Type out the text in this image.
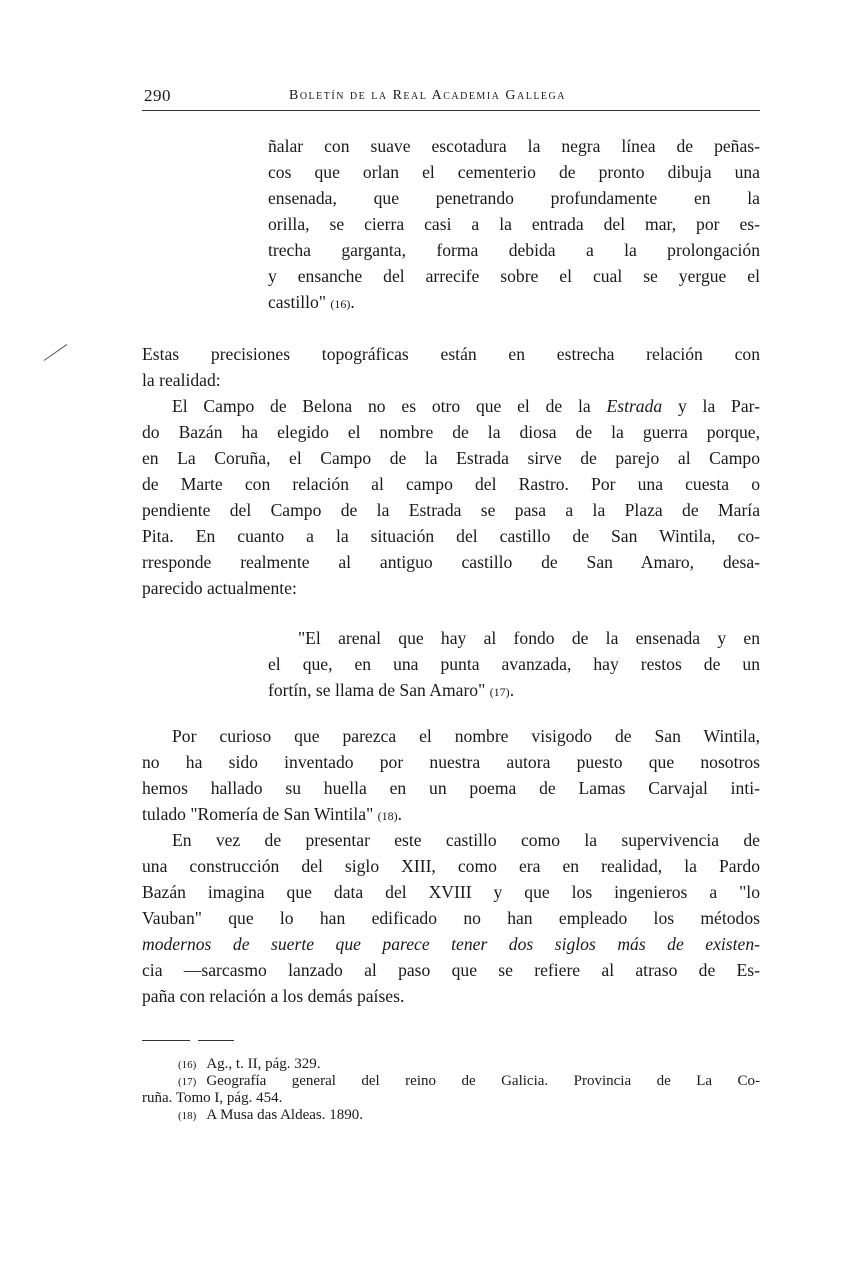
290	Boletín de la Real Academia Gallega
ñalar con suave escotadura la negra línea de peñas-
cos que orlan el cementerio de pronto dibuja una
ensenada, que penetrando profundamente en la
orilla, se cierra casi a la entrada del mar, por es-
trecha garganta, forma debida a la prolongación
y ensanche del arrecife sobre el cual se yergue el
castillo" (16).
Estas precisiones topográficas están en estrecha relación con
la realidad:
El Campo de Belona no es otro que el de la Estrada y la Par-
do Bazán ha elegido el nombre de la diosa de la guerra porque,
en La Coruña, el Campo de la Estrada sirve de parejo al Campo
de Marte con relación al campo del Rastro. Por una cuesta o
pendiente del Campo de la Estrada se pasa a la Plaza de María
Pita. En cuanto a la situación del castillo de San Wintila, co-
rresponde realmente al antiguo castillo de San Amaro, desa-
parecido actualmente:
"El arenal que hay al fondo de la ensenada y en
el que, en una punta avanzada, hay restos de un
fortín, se llama de San Amaro" (17).
Por curioso que parezca el nombre visigodo de San Wintila,
no ha sido inventado por nuestra autora puesto que nosotros
hemos hallado su huella en un poema de Lamas Carvajal inti-
tulado "Romería de San Wintila" (18).
En vez de presentar este castillo como la supervivencia de
una construcción del siglo XIII, como era en realidad, la Pardo
Bazán imagina que data del XVIII y que los ingenieros a "lo
Vauban" que lo han edificado no han empleado los métodos
modernos de suerte que parece tener dos siglos más de existen-
cia —sarcasmo lanzado al paso que se refiere al atraso de Es-
paña con relación a los demás países.
(16) Ag., t. II, pág. 329.
(17) Geografía general del reino de Galicia. Provincia de La Co-
ruña. Tomo I, pág. 454.
(18) A Musa das Aldeas. 1890.
